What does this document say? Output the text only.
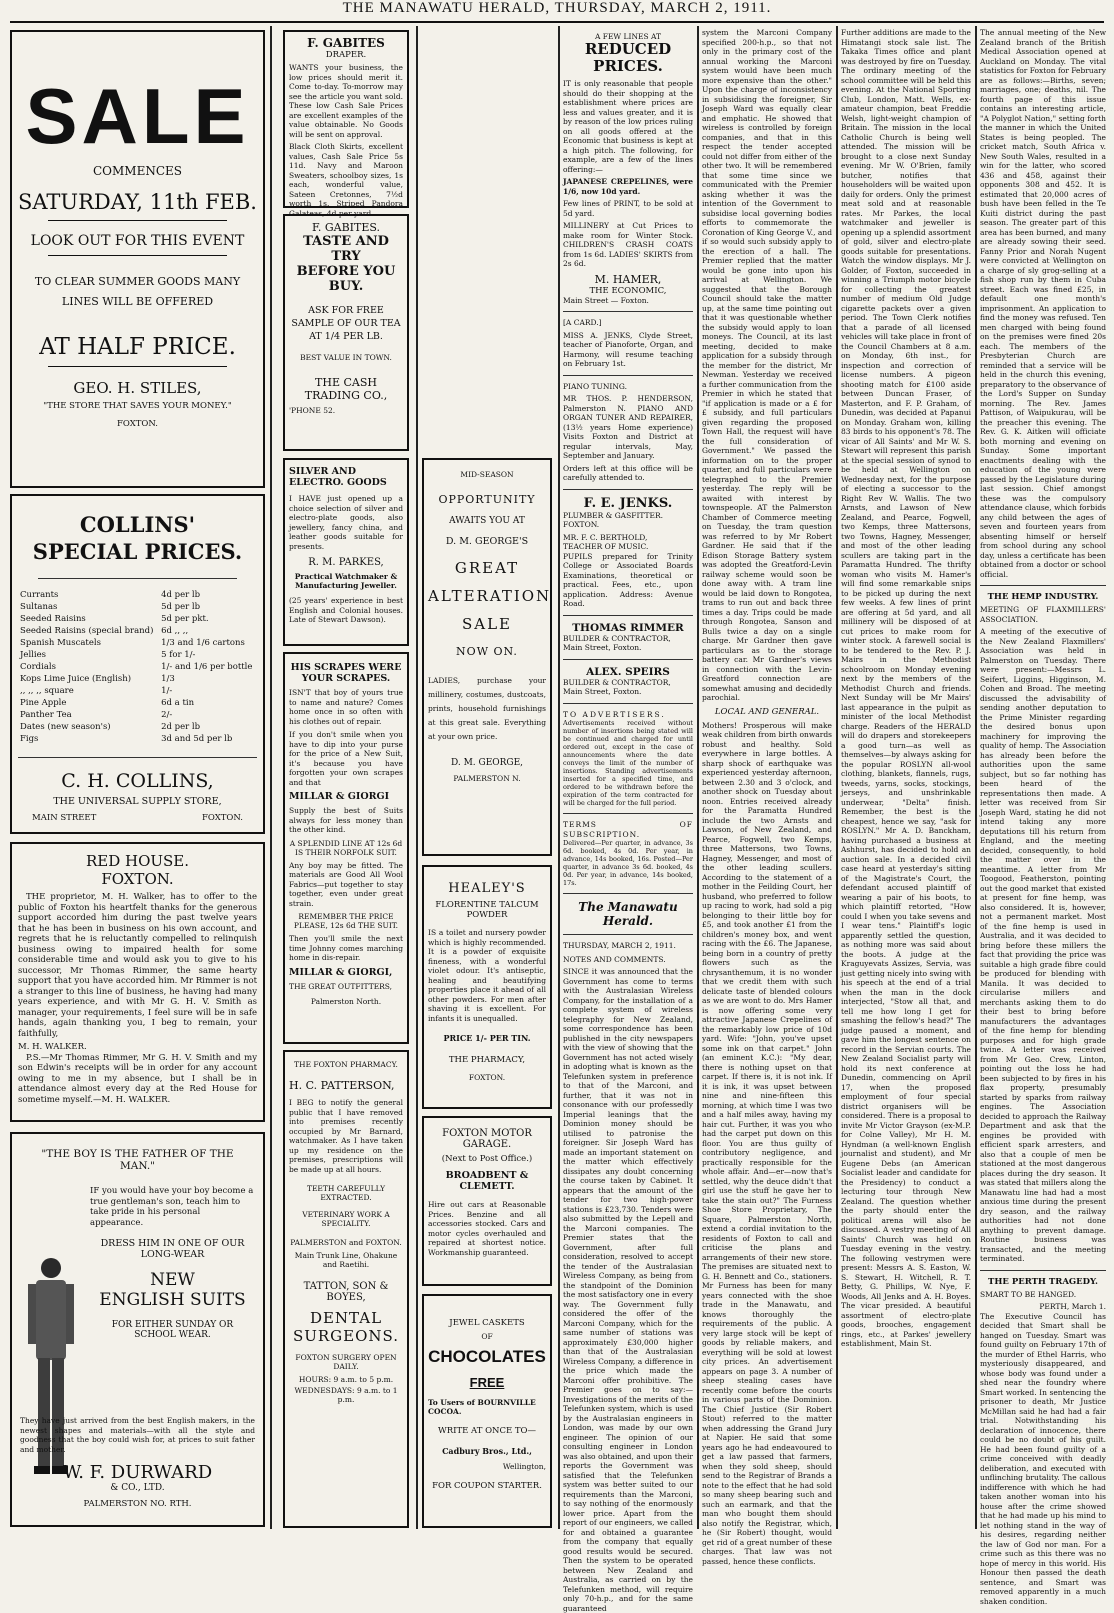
THE MANAWATU HERALD, THURSDAY, MARCH 2, 1911.
SALE
COMMENCES
SATURDAY, 11th FEB.
LOOK OUT FOR THIS EVENT
TO CLEAR SUMMER GOODS MANY LINES WILL BE OFFERED
AT HALF PRICE.
GEO. H. STILES,
"THE STORE THAT SAVES YOUR MONEY."
FOXTON.
COLLINS'
SPECIAL PRICES.
Currants	4d per lb
Sultanas	5d per lb
Seeded Raisins	5d per pkt.
Seeded Raisins (special brand)	6d ,, ,,
Spanish Muscatels	1/3 and 1/6 cartons
Jellies	5 for 1/-
Cordials	1/- and 1/6 per bottle
Kops Lime Juice (English)	1/3
,, ,, ,, square	1/-
Pine Apple	6d a tin
Panther Tea	2/-
Dates (new season's)	2d per lb
Figs	3d and 5d per lb
C. H. COLLINS,
THE UNIVERSAL SUPPLY STORE,
MAIN STREET	FOXTON.
RED HOUSE.
FOXTON.
THE proprietor, M. H. Walker, has to offer to the public of Foxton his heartfelt thanks for the generous support accorded him during the past twelve years that he has been in business on his own account, and regrets that he is reluctantly compelled to relinquish business owing to impaired health for some considerable time and would ask you to give to his successor, Mr Thomas Rimmer, the same hearty support that you have accorded him. Mr Rimmer is not a stranger to this line of business, he having had many years experience, and with Mr G. H. V. Smith as manager, your requirements, I feel sure will be in safe hands, again thanking you, I beg to remain, your faithfully,
M. H. WALKER.
P.S.—Mr Thomas Rimmer, Mr G. H. V. Smith and my son Edwin's receipts will be in order for any account owing to me in my absence, but I shall be in attendance almost every day at the Red House for sometime myself.—M. H. WALKER.
"THE BOY IS THE FATHER OF THE MAN."
IF you would have your boy become a true gentleman's son, teach him to take pride in his personal appearance.
DRESS HIM IN ONE OF OUR LONG-WEAR
NEW
ENGLISH SUITS
FOR EITHER SUNDAY OR SCHOOL WEAR.
They have just arrived from the best English makers, in the newest shapes and materials—with all the style and goodness that the boy could wish for, at prices to suit father and mother.
W. F. DURWARD
& CO., LTD.
PALMERSTON NO. RTH.
F. GABITES
DRAPER.
WANTS your business, the low prices should merit it. Come to-day. To-morrow may see the article you want sold. These low Cash Sale Prices are excellent examples of the value obtainable. No Goods will be sent on approval.
Black Cloth Skirts, excellent values, Cash Sale Price 5s 11d. Navy and Maroon Sweaters, schoolboy sizes, 1s each, wonderful value, Sateen Cretonnes, 7½d worth 1s. Striped Pandora Galateas, 4d per yard.
F. GABITES.
TASTE AND TRY
BEFORE YOU BUY.
ASK FOR FREE SAMPLE OF OUR TEA AT 1/4 PER LB.
BEST VALUE IN TOWN.
THE CASH TRADING CO.,
'PHONE 52.
SILVER AND ELECTRO. GOODS
I HAVE just opened up a choice selection of silver and electro-plate goods, also jewellery, fancy china, and leather goods suitable for presents.
R. M. PARKES,
Practical Watchmaker & Manufacturing Jeweller.
(25 years' experience in best English and Colonial houses. Late of Stewart Dawson).
HIS SCRAPES WERE YOUR SCRAPES.
ISN'T that boy of yours true to name and nature? Comes home once in so often with his clothes out of repair.
If you don't smile when you have to dip into your purse for the price of a New Suit, it's because you have forgotten your own scrapes and that
MILLAR & GIORGI
Supply the best of Suits always for less money than the other kind.
A SPLENDID LINE AT 12s 6d IS THEIR NORFOLK SUIT.
Any boy may be fitted. The materials are Good All Wool Fabrics—put together to stay together, even under great strain.
REMEMBER THE PRICE PLEASE, 12s 6d THE SUIT.
Then you'll smile the next time Johnny comes marching home in dis-repair.
MILLAR & GIORGI,
THE GREAT OUTFITTERS,
Palmerston North.
THE FOXTON PHARMACY.
H. C. PATTERSON,
I BEG to notify the general public that I have removed into premises recently occupied by Mr Barnard, watchmaker. As I have taken up my residence on the premises, prescriptions will be made up at all hours.
TEETH CAREFULLY EXTRACTED.
VETERINARY WORK A SPECIALITY.
PALMERSTON and FOXTON.
Main Trunk Line, Ohakune and Raetihi.
TATTON, SON & BOYES,
DENTAL SURGEONS.
FOXTON SURGERY OPEN DAILY.
HOURS: 9 a.m. to 5 p.m.
WEDNESDAYS: 9 a.m. to 1 p.m.
MID-SEASON
OPPORTUNITY
AWAITS YOU AT
D. M. GEORGE'S
GREAT
ALTERATION
SALE
NOW ON.
LADIES, purchase your millinery, costumes, dustcoats, prints, household furnishings at this great sale. Everything at your own price.
D. M. GEORGE,
PALMERSTON N.
HEALEY'S
FLORENTINE TALCUM POWDER
IS a toilet and nursery powder which is highly recommended. It is a powder of exquisite fineness, with a wonderful violet odour. It's antiseptic, healing and beautifying properties place it ahead of all other powders. For men after shaving it is excellent. For infants it is unequalled.
PRICE 1/- PER TIN.
THE PHARMACY,
FOXTON.
FOXTON MOTOR GARAGE.
(Next to Post Office.)
BROADBENT & CLEMETT.
Hire out cars at Reasonable Prices. Benzine and all accessories stocked. Cars and motor cycles overhauled and repaired at shortest notice. Workmanship guaranteed.
JEWEL CASKETS
OF
CHOCOLATES
FREE
To Users of BOURNVILLE COCOA.
WRITE AT ONCE TO—
Cadbury Bros., Ltd.,
Wellington,
FOR COUPON STARTER.
A FEW LINES AT
REDUCED PRICES.
IT is only reasonable that people should do their shopping at the establishment where prices are less and values greater, and it is by reason of the low prices ruling on all goods offered at the Economic that business is kept at a high pitch. The following, for example, are a few of the lines offering:—
JAPANESE CREPELINES, were 1/6, now 10d yard.
Few lines of PRINT, to be sold at 5d yard.
MILLINERY at Cut Prices to make room for Winter Stock. CHILDREN'S CRASH COATS from 1s 6d. LADIES' SKIRTS from 2s 6d.
M. HAMER,
THE ECONOMIC,
Main Street — Foxton.
[A CARD.]
MISS A. JENKS, Clyde Street, teacher of Pianoforte, Organ, and Harmony, will resume teaching on February 1st.
PIANO TUNING.
MR THOS. P. HENDERSON, Palmerston N. PIANO AND ORGAN TUNER AND REPAIRER, (13½ years Home experience) Visits Foxton and District at regular intervals, May, September and January.
Orders left at this office will be carefully attended to.
F. E. JENKS.
PLUMBER & GASFITTER.
FOXTON.
MR. F. C. BERTHOLD,
TEACHER OF MUSIC.
PUPILS prepared for Trinity College or Associated Boards Examinations, theoretical or practical. Fees, etc., upon application. Address: Avenue Road.
THOMAS RIMMER
BUILDER & CONTRACTOR,
Main Street, Foxton.
ALEX. SPEIRS
BUILDER & CONTRACTOR,
Main Street, Foxton.
TO ADVERTISERS.
Advertisements received without number of insertions being stated will be continued and charged for until ordered out, except in the case of announcements where the date conveys the limit of the number of insertions. Standing advertisements inserted for a specified time, and ordered to be withdrawn before the expiration of the term contracted for will be charged for the full period.
TERMS OF SUBSCRIPTION.
Delivered—Per quarter, in advance, 3s 6d. booked, 4s 0d. Per year, in advance, 14s booked, 16s. Posted—Per quarter, in advance 3s 6d. booked, 4s 0d. Per year, in advance, 14s booked, 17s.
The Manawatu Herald.
THURSDAY, MARCH 2, 1911.
NOTES AND COMMENTS.
SINCE it was announced that the Government has come to terms with the Australasian Wireless Company, for the installation of a complete system of wireless telegraphy for New Zealand, some correspondence has been published in the city newspapers with the view of showing that the Government has not acted wisely in adopting what is known as the Telefunken system in preference to that of the Marconi, and further, that it was not in consonance with our professedly Imperial leanings that the Dominion money should be utilised to patronise the foreigner. Sir Joseph Ward has made an important statement on the matter which effectively dissipates any doubt concerning the course taken by Cabinet. It appears that the amount of the tender for two high-power stations is £23,730. Tenders were also submitted by the Lepell and the Marconi companies. The Premier states that the Government, after full consideration, resolved to accept the tender of the Australasian Wireless Company, as being from the standpoint of the Dominion the most satisfactory one in every way. The Government fully considered the offer of the Marconi Company, which for the same number of stations was approximately £30,000 higher than that of the Australasian Wireless Company, a difference in the price which made the Marconi offer prohibitive. The Premier goes on to say:—Investigations of the merits of the Telefunken system, which is used by the Australasian engineers in London, was made by our own engineer. The opinion of our consulting engineer in London was also obtained, and upon their reports the Government was satisfied that the Telefunken system was better suited to our requirements than the Marconi, to say nothing of the enormously lower price. Apart from the report of our engineers, we called for and obtained a guarantee from the company that equally good results would be secured. Then the system to be operated between New Zealand and Australia, as carried on by the Telefunken method, will require only 70-h.p., and for the same guaranteed
system the Marconi Company specified 200-h.p., so that not only in the primary cost of the annual working the Marconi system would have been much more expensive than the other." Upon the charge of inconsistency in subsidising the foreigner, Sir Joseph Ward was equally clear and emphatic. He showed that wireless is controlled by foreign companies, and that in this respect the tender accepted could not differ from either of the other two. It will be remembered that some time since we communicated with the Premier asking whether it was the intention of the Government to subsidise local governing bodies efforts to commemorate the Coronation of King George V., and if so would such subsidy apply to the erection of a hall. The Premier replied that the matter would be gone into upon his arrival at Wellington. We suggested that the Borough Council should take the matter up, at the same time pointing out that it was questionable whether the subsidy would apply to loan moneys. The Council, at its last meeting, decided to make application for a subsidy through the member for the district, Mr Newman. Yesterday we received a further communication from the Premier in which he stated that "if application is made or a £ for £ subsidy, and full particulars given regarding the proposed Town Hall, the request will have the full consideration of Government." We passed the information on to the proper quarter, and full particulars were telegraphed to the Premier yesterday. The reply will be awaited with interest by townspeople. AT the Palmerston Chamber of Commerce meeting on Tuesday, the tram question was referred to by Mr Robert Gardner. He said that if the Edison Storage Battery system was adopted the Greatford-Levin railway scheme would soon be done away with. A tram line would be laid down to Rongotea, trams to run out and back three times a day. Trips could be made through Rongotea, Sanson and Bulls twice a day on a single charge. Mr Gardner then gave particulars as to the storage battery car. Mr Gardner's views in connection with the Levin-Greatford connection are somewhat amusing and decidedly parochial.
LOCAL AND GENERAL.
Mothers! Prosperous will make weak children from birth onwards robust and healthy. Sold everywhere in large bottles. A sharp shock of earthquake was experienced yesterday afternoon, between 2.30 and 3 o'clock, and another shock on Tuesday about noon. Entries received already for the Paramatta Hundred include the two Arnsts and Lawson, of New Zealand, and Pearce, Fogwell, two Kemps, three Mattersons, two Towns, Hagney, Messenger, and most of the other leading scullers. According to the statement of a mother in the Feilding Court, her husband, who preferred to follow up racing to work, had sold a pig belonging to their little boy for £5, and took another £1 from the children's money box, and went racing with the £6. The Japanese, being born in a country of pretty flowers such as the chrysanthemum, it is no wonder that we credit them with such delicate taste of blended colours as we are wont to do. Mrs Hamer is now offering some very attractive Japanese Crepelines of the remarkably low price of 10d yard. Wife: "John, you've upset some ink on that carpet." John (an eminent K.C.): "My dear, there is nothing upset on that carpet. If there is, it is not ink. If it is ink, it was upset between nine and nine-fifteen this morning, at which time I was two and a half miles away, having my hair cut. Further, it was you who had the carpet put down on this floor. You are thus guilty of contributory negligence, and practically responsible for the whole affair. And—er—now that's settled, why the deuce didn't that girl use the stuff he gave her to take the stain out?" The Furness Shoe Store Proprietary, The Square, Palmerston North, extend a cordial invitation to the residents of Foxton to call and criticise the plans and arrangements of their new store. The premises are situated next to G. H. Bennett and Co., stationers. Mr Furness has been for many years connected with the shoe trade in the Manawatu, and knows thoroughly the requirements of the public. A very large stock will be kept of goods by reliable makers, and everything will be sold at lowest city prices. An advertisement appears on page 3. A number of sheep stealing cases have recently come before the courts in various parts of the Dominion. The Chief Justice (Sir Robert Stout) referred to the matter when addressing the Grand Jury at Napier. He said that some years ago he had endeavoured to get a law passed that farmers, when they sold sheep, should send to the Registrar of Brands a note to the effect that he had sold so many sheep bearing such and such an earmark, and that the man who bought them should also notify the Registrar, which, he (Sir Robert) thought, would get rid of a great number of these charges. That law was not passed, hence these conflicts.
Further additions are made to the Himatangi stock sale list. The Takaka Times office and plant was destroyed by fire on Tuesday. The ordinary meeting of the school committee will be held this evening. At the National Sporting Club, London, Matt. Wells, ex-amateur champion, beat Freddie Welsh, light-weight champion of Britain. The mission in the local Catholic Church is being well attended. The mission will be brought to a close next Sunday evening. Mr W. O'Brien, family butcher, notifies that householders will be waited upon daily for orders. Only the primest meat sold and at reasonable rates. Mr Parkes, the local watchmaker and jeweller is opening up a splendid assortment of gold, silver and electro-plate goods suitable for presentations. Watch the window displays. Mr J. Golder, of Foxton, succeeded in winning a Triumph motor bicycle for collecting the greatest number of medium Old Judge cigarette packets over a given period. The Town Clerk notifies that a parade of all licensed vehicles will take place in front of the Council Chambers at 8 a.m. on Monday, 6th inst., for inspection and correction of license numbers. A pigeon shooting match for £100 aside between Duncan Fraser, of Masterton, and F. P. Graham, of Dunedin, was decided at Papanui on Monday. Graham won, killing 83 birds to his opponent's 78. The vicar of All Saints' and Mr W. S. Stewart will represent this parish at the special session of synod to be held at Wellington on Wednesday next, for the purpose of electing a successor to the Right Rev W. Wallis. The two Arnsts, and Lawson of New Zealand, and Pearce, Fogwell, two Kemps, three Mattersons, two Towns, Hagney, Messenger, and most of the other leading scullers are taking part in the Paramatta Hundred. The thrifty woman who visits M. Hamer's will find some remarkable snips to be picked up during the next few weeks. A few lines of print are offering at 5d yard, and all millinery will be disposed of at cut prices to make room for winter stock. A farewell social is to be tendered to the Rev. P. J. Mairs in the Methodist schoolroom on Monday evening next by the members of the Methodist Church and friends. Next Sunday will be Mr Mairs' last appearance in the pulpit as minister of the local Methodist charge. Readers of the HERALD will do drapers and storekeepers a good turn—as well as themselves—by always asking for the popular ROSLYN all-wool clothing, blankets, flannels, rugs, tweeds, yarns, socks, stockings, jerseys, and unshrinkable underwear, "Delta" finish. Remember, the best is the cheapest, hence we say, "ask for ROSLYN." Mr A. D. Banckham, having purchased a business at Ashhurst, has decided to hold an auction sale. In a decided civil case heard at yesterday's sitting of the Magistrate's Court, the defendant accused plaintiff of wearing a pair of his boots, to which plaintiff retorted, "How could I when you take sevens and I wear tens." Plaintiff's logic apparently settled the question, as nothing more was said about the boots. A judge at the Kraguyevats Assizes, Servia, was just getting nicely into swing with his speech at the end of a trial when the man in the dock interjected, "Stow all that, and tell me how long I get for smashing the fellow's head?" The judge paused a moment, and gave him the longest sentence on record in the Servian courts. The New Zealand Socialist party will hold its next conference at Dunedin, commencing on April 17, when the proposed employment of four special district organisers will be considered. There is a proposal to invite Mr Victor Grayson (ex-M.P. for Colne Valley), Mr H. M. Hyndman (a well-known English journalist and student), and Mr Eugene Debs (an American Socialist leader and candidate for the Presidency) to conduct a lecturing tour through New Zealand. The question whether the party should enter the political arena will also be discussed. A vestry meeting of All Saints' Church was held on Tuesday evening in the vestry. The following vestrymen were present: Messrs A. S. Easton, W. S. Stewart, H. Witchell, R. T. Betty, G. Phillips, W. Nye, F. Woods, All Jenks and A. H. Boyes. The vicar presided. A beautiful assortment of electro-plate goods, brooches, engagement rings, etc., at Parkes' jewellery establishment, Main St.
The annual meeting of the New Zealand branch of the British Medical Association opened at Auckland on Monday. The vital statistics for Foxton for February are as follows:—Births, seven; marriages, one; deaths, nil. The fourth page of this issue contains an interesting article, "A Polyglot Nation," setting forth the manner in which the United States is being peopled. The cricket match, South Africa v. New South Wales, resulted in a win for the latter, who scored 436 and 458, against their opponents 308 and 452. It is estimated that 20,000 acres of bush have been felled in the Te Kuiti district during the past season. The greater part of this area has been burned, and many are already sowing their seed. Fanny Prior and Norah Nugent were convicted at Wellington on a charge of sly grog-selling at a fish shop run by them in Cuba street. Each was fined £25, in default one month's imprisonment. An application to find the money was refused. Ten men charged with being found on the premises were fined 20s each. The members of the Presbyterian Church are reminded that a service will be held in the church this evening, preparatory to the observance of the Lord's Supper on Sunday morning. The Rev. James Pattison, of Waipukurau, will be the preacher this evening. The Rev. G. K. Aitken will officiate both morning and evening on Sunday. Some important enactments dealing with the education of the young were passed by the Legislature during last session. Chief amongst these was the compulsory attendance clause, which forbids any child between the ages of seven and fourteen years from absenting himself or herself from school during any school day, unless a certificate has been obtained from a doctor or school official.
THE HEMP INDUSTRY.
MEETING OF FLAXMILLERS' ASSOCIATION.
A meeting of the executive of the New Zealand Flaxmillers' Association was held in Palmerston on Tuesday. There were present:—Messrs L. Seifert, Liggins, Higginson, M. Cohen and Broad. The meeting discussed the advisability of sending another deputation to the Prime Minister regarding the desired bonus upon machinery for improving the quality of hemp. The Association has already been before the authorities upon the same subject, but so far nothing has been heard of the representations then made. A letter was received from Sir Joseph Ward, stating he did not intend taking any more deputations till his return from England, and the meeting decided, consequently, to hold the matter over in the meantime. A letter from Mr Toogood, Featherston, pointing out the good market that existed at present for fine hemp, was also considered. It is, however, not a permanent market. Most of the fine hemp is used in Australia, and it was decided to bring before these millers the fact that providing the price was suitable a high grade fibre could be produced for blending with Manila. It was decided to circularise millers and merchants asking them to do their best to bring before manufacturers the advantages of the fine hemp for blending purposes and for high grade twine. A letter was received from Mr Geo. Crew, Linton, pointing out the loss he had been subjected to by fires in his flax property, presumably started by sparks from railway engines. The Association decided to approach the Railway Department and ask that the engines be provided with efficient spark arresters, and also that a couple of men be stationed at the most dangerous places during the dry season. It was stated that millers along the Manawatu line had had a most anxious time during the present dry season, and the railway authorities had not done anything to prevent damage. Routine business was transacted, and the meeting terminated.
THE PERTH TRAGEDY.
SMART TO BE HANGED.
PERTH, March 1.
The Executive Council has decided that Smart shall be hanged on Tuesday. Smart was found guilty on February 17th of the murder of Ethel Harris, who mysteriously disappeared, and whose body was found under a shed near the foundry where Smart worked. In sentencing the prisoner to death, Mr Justice McMillan said he had had a fair trial. Notwithstanding his declaration of innocence, there could be no doubt of his guilt. He had been found guilty of a crime conceived with deadly deliberation, and executed with unflinching brutality. The callous indifference with which he had taken another woman into his house after the crime showed that he had made up his mind to let nothing stand in the way of his desires, regarding neither the law of God nor man. For a crime such as this there was no hope of mercy in this world. His Honour then passed the death sentence, and Smart was removed apparently in a much shaken condition.
